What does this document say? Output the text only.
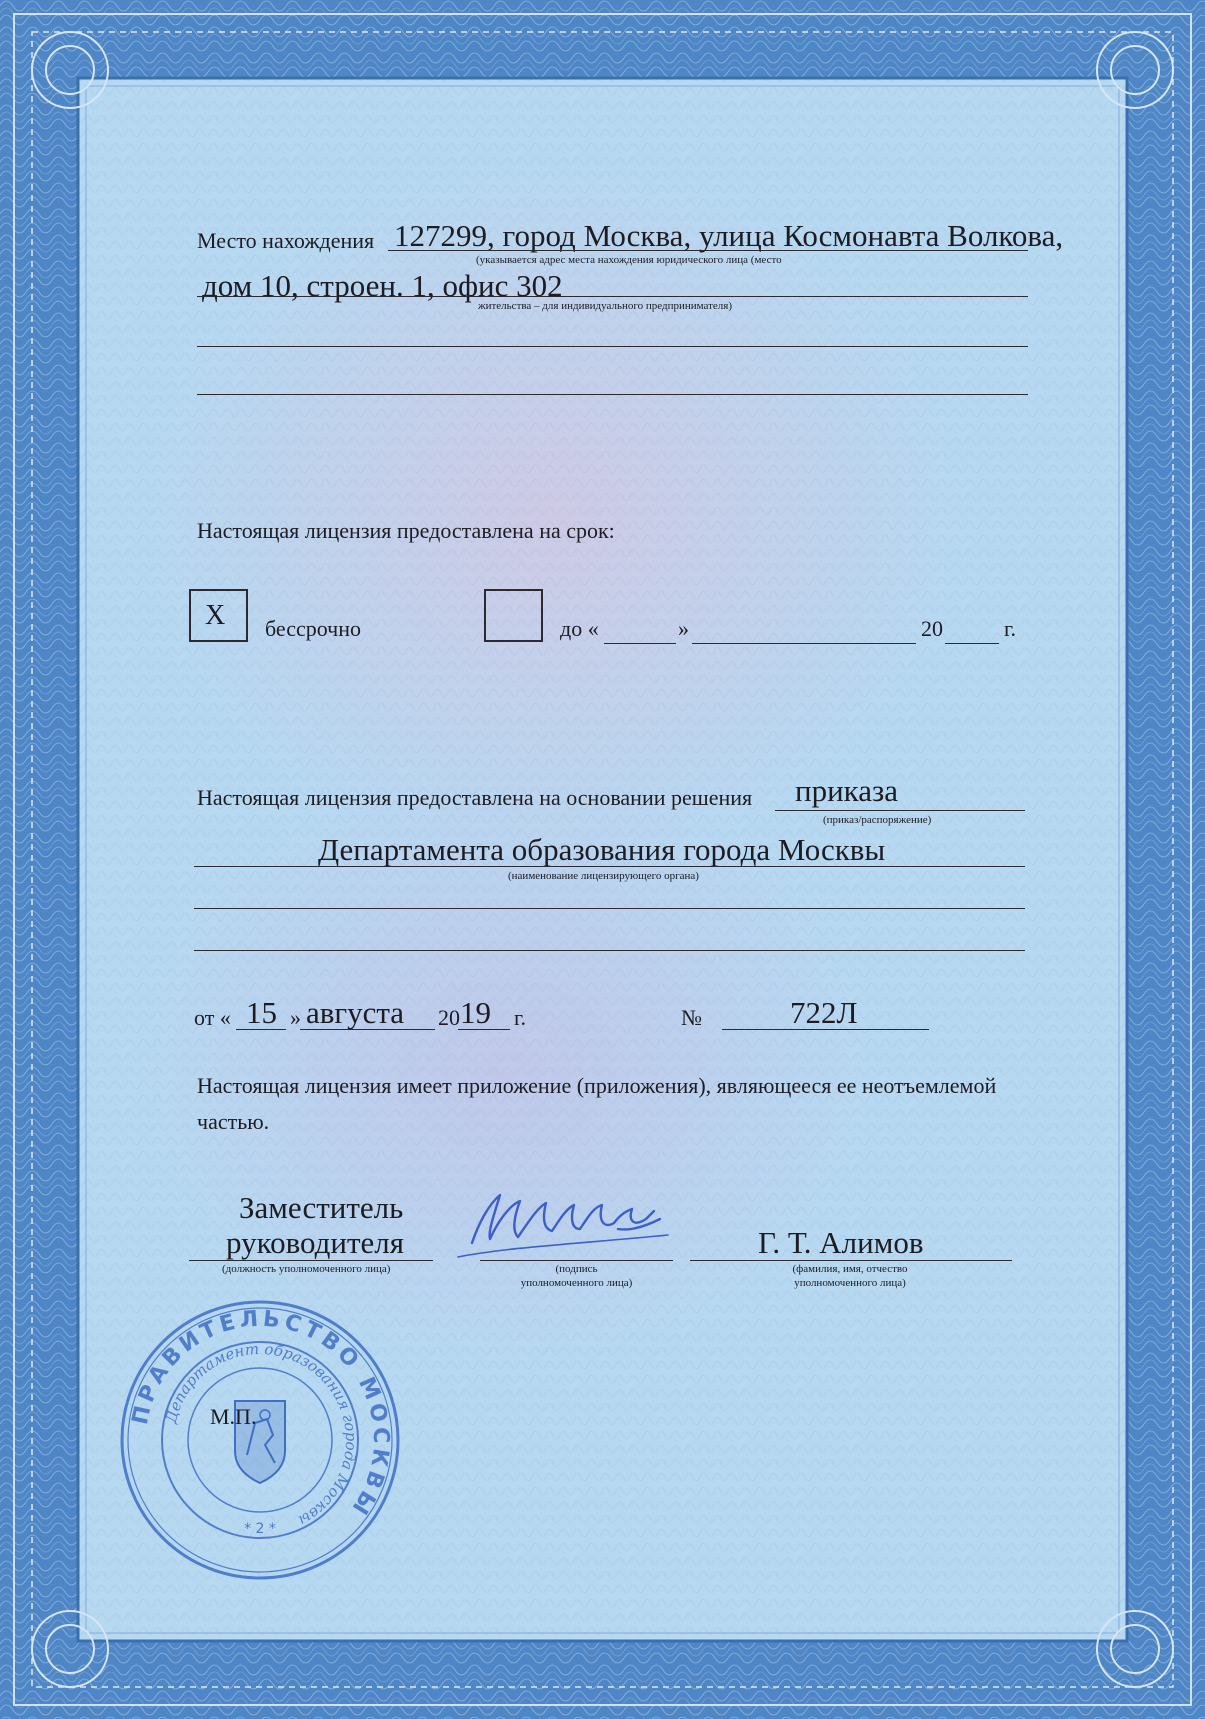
Место нахождения 127299, город Москва, улица Космонавта Волкова,
(указывается адрес места нахождения юридического лица (место
дом 10, строен. 1, офис 302
жительства – для индивидуального предпринимателя)
Настоящая лицензия предоставлена на срок:
X бессрочно	до «	»	20	г.
Настоящая лицензия предоставлена на основании решения приказа
(приказ/распоряжение)
Департамента образования города Москвы
(наименование лицензирующего органа)
от « 15 » августа 20 19 г.	№	722Л
Настоящая лицензия имеет приложение (приложения), являющееся ее неотъемлемой
частью.
Заместитель
руководителя
(должность уполномоченного лица)	(подпись
уполномоченного лица)
Г. Т. Алимов
(фамилия, имя, отчество
уполномоченного лица)
ПРАВИТЕЛЬСТВО МОСКВЫ
Департамент образования города Москвы
* 2 *
М.П.
